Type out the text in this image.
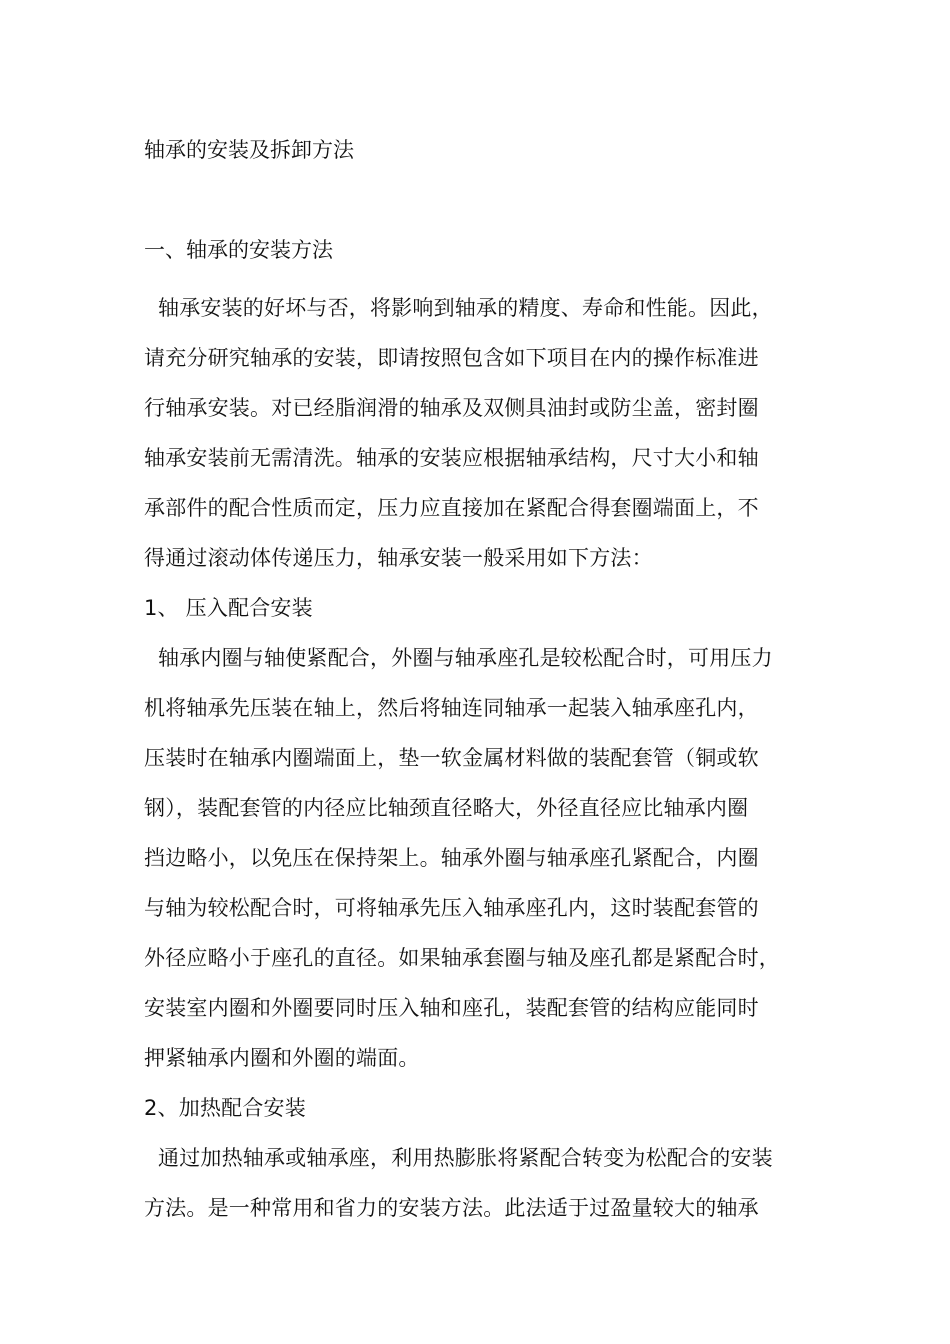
轴承的安装及拆卸方法

一、轴承的安装方法

轴承安装的好坏与否，将影响到轴承的精度、寿命和性能。因此，
请充分研究轴承的安装，即请按照包含如下项目在内的操作标准进
行轴承安装。对已经脂润滑的轴承及双侧具油封或防尘盖，密封圈
轴承安装前无需清洗。轴承的安装应根据轴承结构，尺寸大小和轴
承部件的配合性质而定，压力应直接加在紧配合得套圈端面上，不
得通过滚动体传递压力，轴承安装一般采用如下方法：
1、 压入配合安装
轴承内圈与轴使紧配合，外圈与轴承座孔是较松配合时，可用压力
机将轴承先压装在轴上，然后将轴连同轴承一起装入轴承座孔内，
压装时在轴承内圈端面上，垫一软金属材料做的装配套管（铜或软
钢），装配套管的内径应比轴颈直径略大，外径直径应比轴承内圈
挡边略小，以免压在保持架上。轴承外圈与轴承座孔紧配合，内圈
与轴为较松配合时，可将轴承先压入轴承座孔内，这时装配套管的
外径应略小于座孔的直径。如果轴承套圈与轴及座孔都是紧配合时，
安装室内圈和外圈要同时压入轴和座孔，装配套管的结构应能同时
押紧轴承内圈和外圈的端面。
2、加热配合安装
通过加热轴承或轴承座，利用热膨胀将紧配合转变为松配合的安装
方法。是一种常用和省力的安装方法。此法适于过盈量较大的轴承
